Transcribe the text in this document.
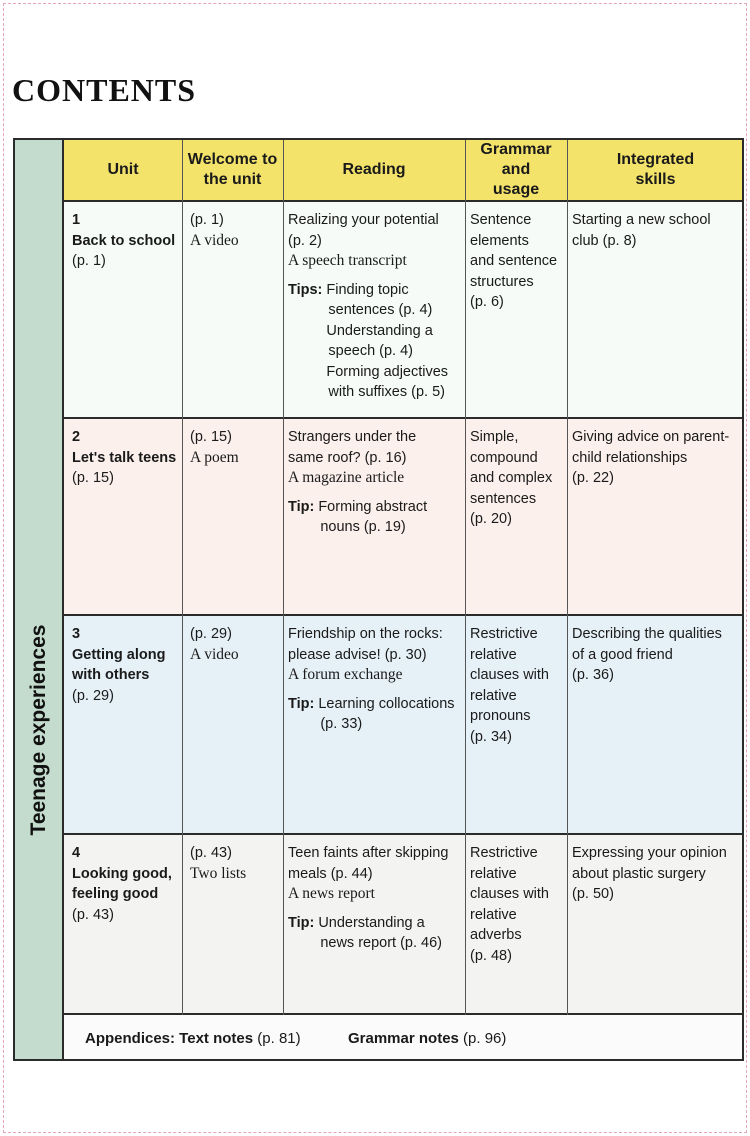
CONTENTS
Teenage experiences
Unit
Welcome to
the unit
Reading
Grammar
and
usage
Integrated
skills
1
Back to school
(p. 1)
(p. 1)
A video
Realizing your potential
(p. 2)
A speech transcript
Tips: Finding topic
sentences (p. 4)
Understanding a
speech (p. 4)
Forming adjectives
with suffixes (p. 5)
Sentence
elements
and sentence
structures
(p. 6)
Starting a new school
club (p. 8)
2
Let's talk teens
(p. 15)
(p. 15)
A poem
Strangers under the
same roof? (p. 16)
A magazine article
Tip: Forming abstract
nouns (p. 19)
Simple,
compound
and complex
sentences
(p. 20)
Giving advice on parent-
child relationships
(p. 22)
3
Getting along
with others
(p. 29)
(p. 29)
A video
Friendship on the rocks:
please advise! (p. 30)
A forum exchange
Tip: Learning collocations
(p. 33)
Restrictive
relative
clauses with
relative
pronouns
(p. 34)
Describing the qualities
of a good friend
(p. 36)
4
Looking good,
feeling good
(p. 43)
(p. 43)
Two lists
Teen faints after skipping
meals (p. 44)
A news report
Tip: Understanding a
news report (p. 46)
Restrictive
relative
clauses with
relative
adverbs
(p. 48)
Expressing your opinion
about plastic surgery
(p. 50)
Appendices: Text notes (p. 81)	Grammar notes (p. 96)
